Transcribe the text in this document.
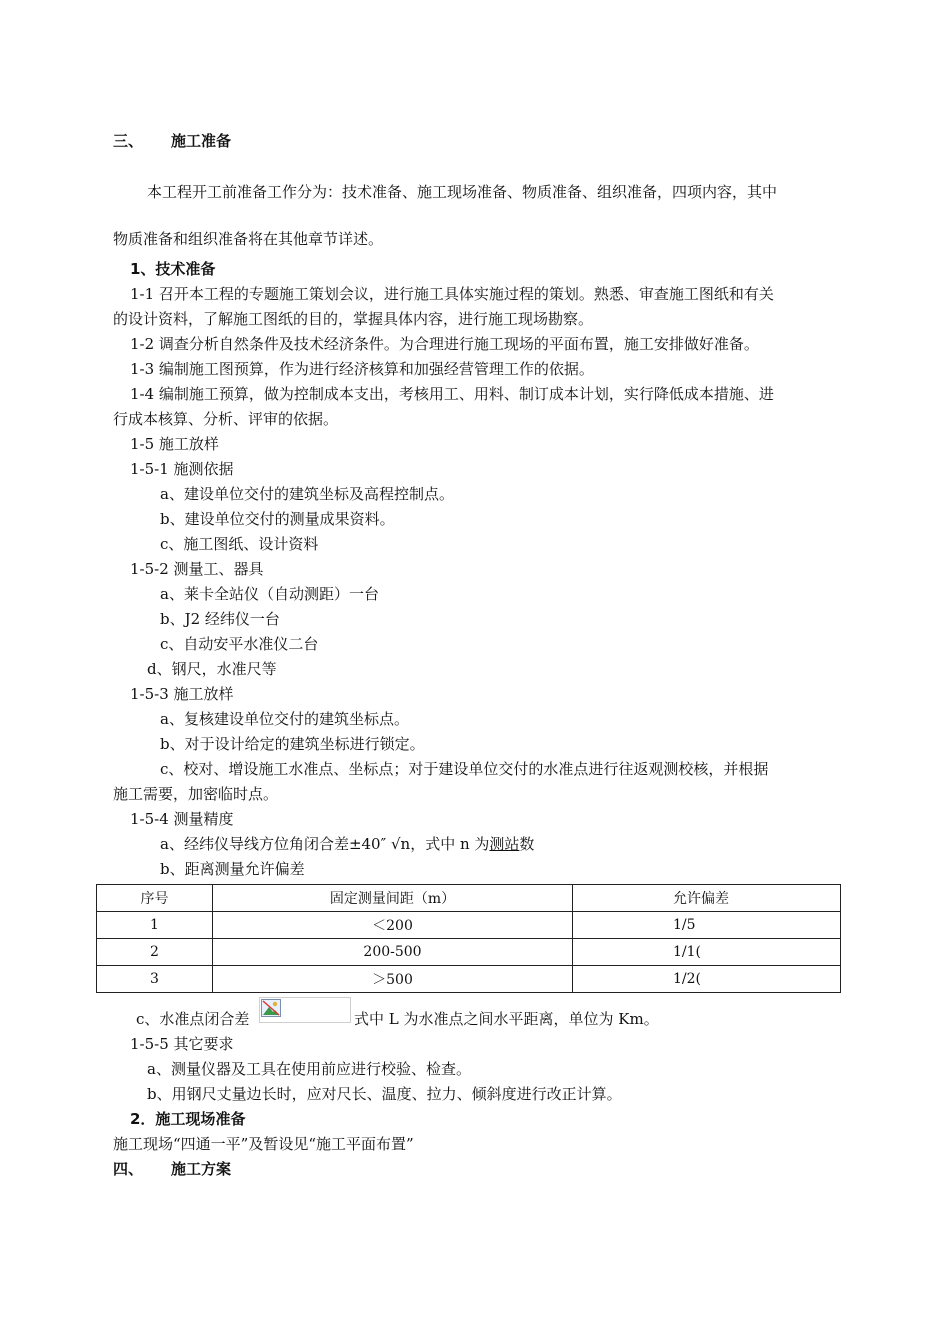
三、 施工准备
本工程开工前准备工作分为：技术准备、施工现场准备、物质准备、组织准备，四项内容，其中
物质准备和组织准备将在其他章节详述。
1、技术准备
1-1 召开本工程的专题施工策划会议，进行施工具体实施过程的策划。熟悉、审查施工图纸和有关
的设计资料，了解施工图纸的目的，掌握具体内容，进行施工现场勘察。
1-2 调查分析自然条件及技术经济条件。为合理进行施工现场的平面布置，施工安排做好准备。
1-3 编制施工图预算，作为进行经济核算和加强经营管理工作的依据。
1-4 编制施工预算，做为控制成本支出，考核用工、用料、制订成本计划，实行降低成本措施、进
行成本核算、分析、评审的依据。
1-5 施工放样
1-5-1 施测依据
a、建设单位交付的建筑坐标及高程控制点。
b、建设单位交付的测量成果资料。
c、施工图纸、设计资料
1-5-2 测量工、器具
a、莱卡全站仪（自动测距）一台
b、J2 经纬仪一台
c、自动安平水准仪二台
d、钢尺，水准尺等
1-5-3 施工放样
a、复核建设单位交付的建筑坐标点。
b、对于设计给定的建筑坐标进行锁定。
c、校对、增设施工水准点、坐标点；对于建设单位交付的水准点进行往返观测校核，并根据
施工需要，加密临时点。
1-5-4 测量精度
a、经纬仪导线方位角闭合差±40″ √n，式中 n 为测站数
b、距离测量允许偏差
序号	固定测量间距（m）	允许偏差
1	＜200	1/5
2	200-500	1/1(
3	＞500	1/2(
c、水准点闭合差	式中 L 为水准点之间水平距离，单位为 Km。
1-5-5 其它要求
a、测量仪器及工具在使用前应进行校验、检查。
b、用钢尺丈量边长时，应对尺长、温度、拉力、倾斜度进行改正计算。
2．施工现场准备
施工现场“四通一平”及暂设见“施工平面布置”
四、 施工方案
